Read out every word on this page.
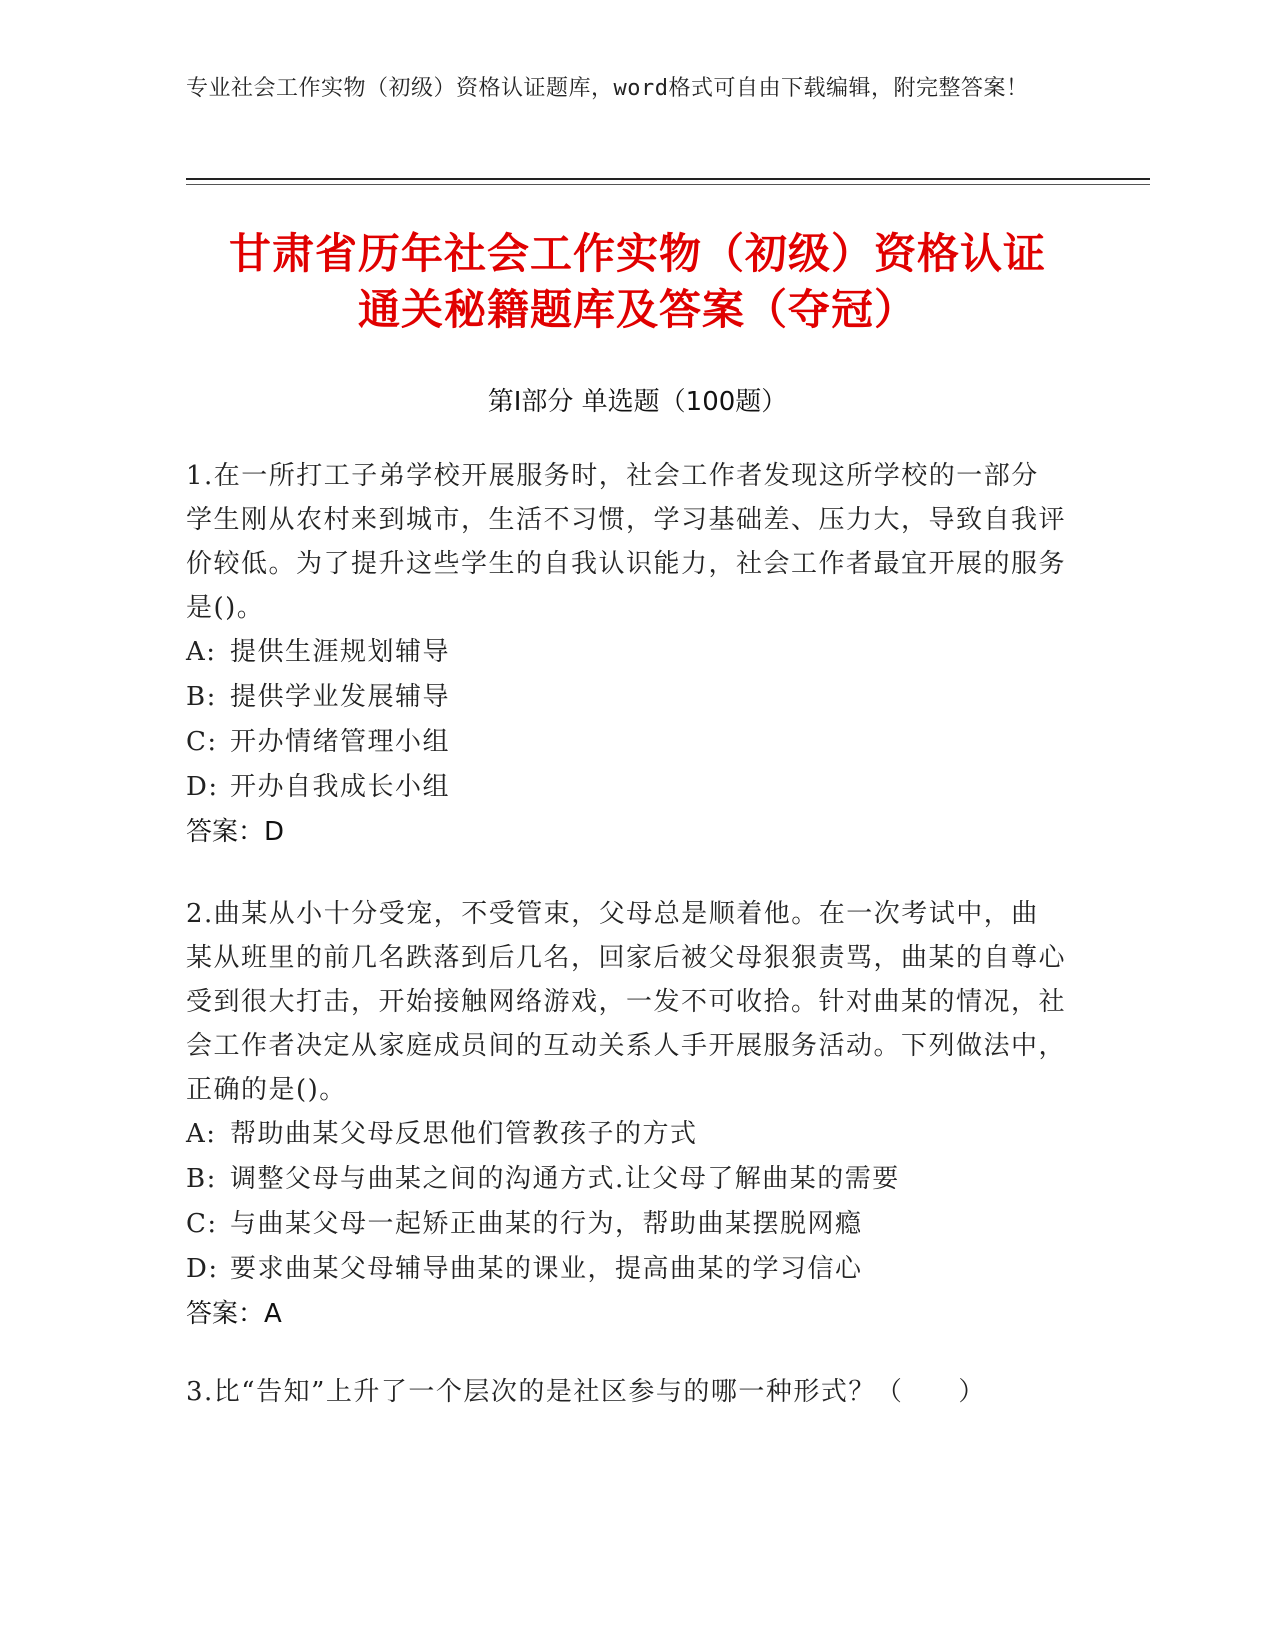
专业社会工作实物（初级）资格认证题库，word格式可自由下载编辑，附完整答案！
甘肃省历年社会工作实物（初级）资格认证
通关秘籍题库及答案（夺冠）
第Ⅰ部分 单选题（100题）
1.在一所打工子弟学校开展服务时，社会工作者发现这所学校的一部分学生刚从农村来到城市，生活不习惯，学习基础差、压力大，导致自我评价较低。为了提升这些学生的自我认识能力，社会工作者最宜开展的服务是()。
A: 提供生涯规划辅导
B: 提供学业发展辅导
C: 开办情绪管理小组
D: 开办自我成长小组
答案：D
2.曲某从小十分受宠，不受管束，父母总是顺着他。在一次考试中，曲某从班里的前几名跌落到后几名，回家后被父母狠狠责骂，曲某的自尊心受到很大打击，开始接触网络游戏，一发不可收拾。针对曲某的情况，社会工作者决定从家庭成员间的互动关系人手开展服务活动。下列做法中，正确的是()。
A: 帮助曲某父母反思他们管教孩子的方式
B: 调整父母与曲某之间的沟通方式.让父母了解曲某的需要
C: 与曲某父母一起矫正曲某的行为，帮助曲某摆脱网瘾
D: 要求曲某父母辅导曲某的课业，提高曲某的学习信心
答案：A
3.比“告知”上升了一个层次的是社区参与的哪一种形式？（　　）
